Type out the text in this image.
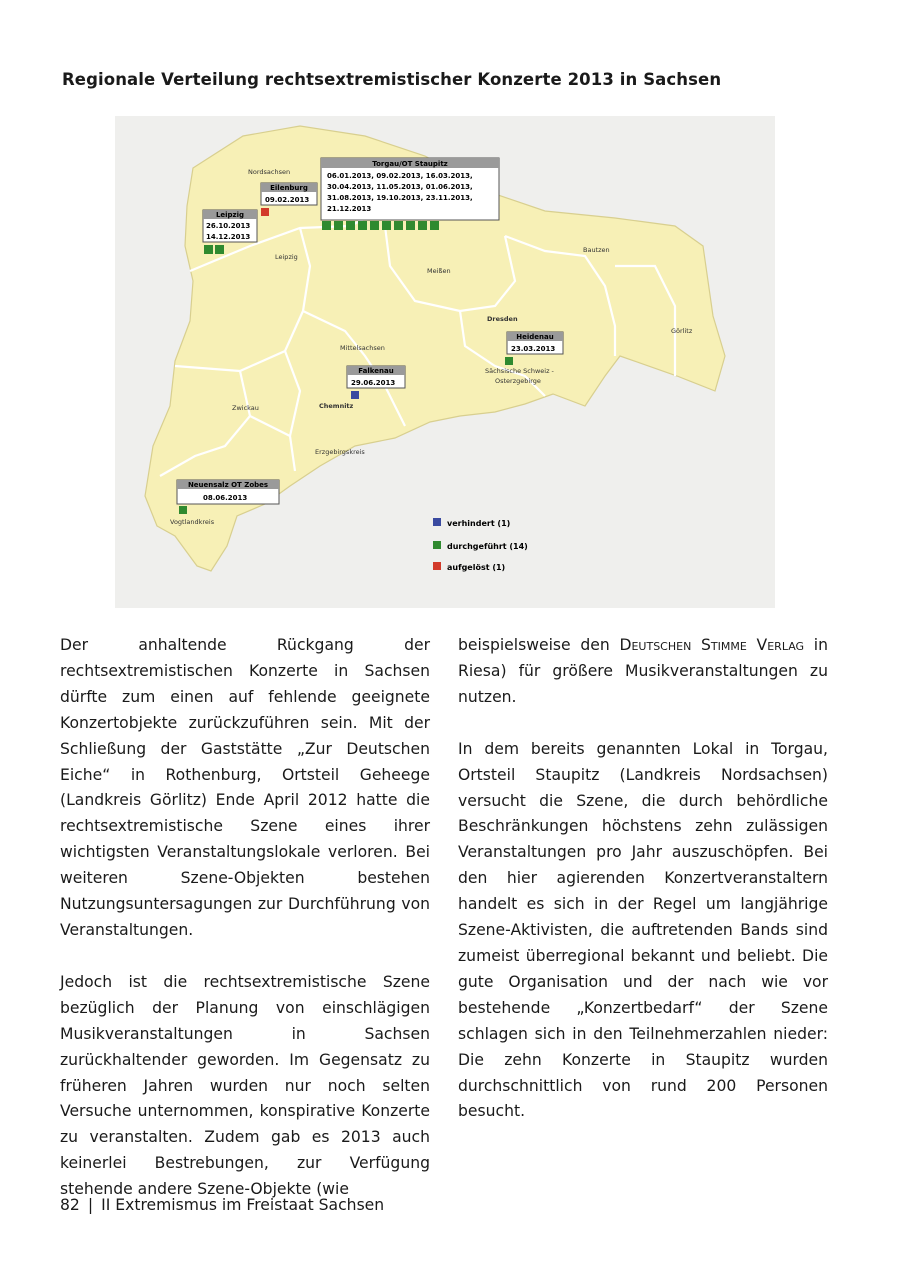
Regionale Verteilung rechtsextremistischer Konzerte 2013 in Sachsen
Nordsachsen
Leipzig
Meißen
Bautzen
Görlitz
Dresden
Mittelsachsen
Sächsische Schweiz -
Osterzgebirge
Zwickau	Chemnitz
Erzgebirgskreis
Vogtlandkreis
Torgau/OT Staupitz
06.01.2013, 09.02.2013, 16.03.2013,
30.04.2013, 11.05.2013, 01.06.2013,
31.08.2013, 19.10.2013, 23.11.2013,
21.12.2013
Eilenburg
09.02.2013
Leipzig
26.10.2013
14.12.2013
Heidenau
23.03.2013
Falkenau
29.06.2013
Neuensalz OT Zobes
08.06.2013
verhindert (1)
durchgeführt (14)
aufgelöst (1)

Der anhaltende Rückgang der rechtsextremistischen Konzerte in Sachsen dürfte zum einen auf fehlende geeignete Konzertobjekte zurückzuführen sein. Mit der Schließung der Gaststätte „Zur Deutschen Eiche“ in Rothenburg, Ortsteil Geheege (Landkreis Görlitz) Ende April 2012 hatte die rechtsextremistische Szene eines ihrer wichtigsten Veranstaltungslokale verloren. Bei weiteren Szene-Objekten bestehen Nutzungsuntersagungen zur Durchführung von Veranstaltungen.

Jedoch ist die rechtsextremistische Szene bezüglich der Planung von einschlägigen Musikveranstaltungen in Sachsen zurückhaltender geworden. Im Gegensatz zu früheren Jahren wurden nur noch selten Versuche unternommen, konspirative Konzerte zu veranstalten. Zudem gab es 2013 auch keinerlei Bestrebungen, zur Verfügung stehende andere Szene-Objekte (wie

beispielsweise den Deutschen Stimme Verlag in Riesa) für größere Musikveranstaltungen zu nutzen.

In dem bereits genannten Lokal in Torgau, Ortsteil Staupitz (Landkreis Nordsachsen) versucht die Szene, die durch behördliche Beschränkungen höchstens zehn zulässigen Veranstaltungen pro Jahr auszuschöpfen. Bei den hier agierenden Konzertveranstaltern handelt es sich in der Regel um langjährige Szene-Aktivisten, die auftretenden Bands sind zumeist überregional bekannt und beliebt. Die gute Organisation und der nach wie vor bestehende „Konzertbedarf“ der Szene schlagen sich in den Teilnehmerzahlen nieder: Die zehn Konzerte in Staupitz wurden durchschnittlich von rund 200 Personen besucht.

82 | II Extremismus im Freistaat Sachsen
